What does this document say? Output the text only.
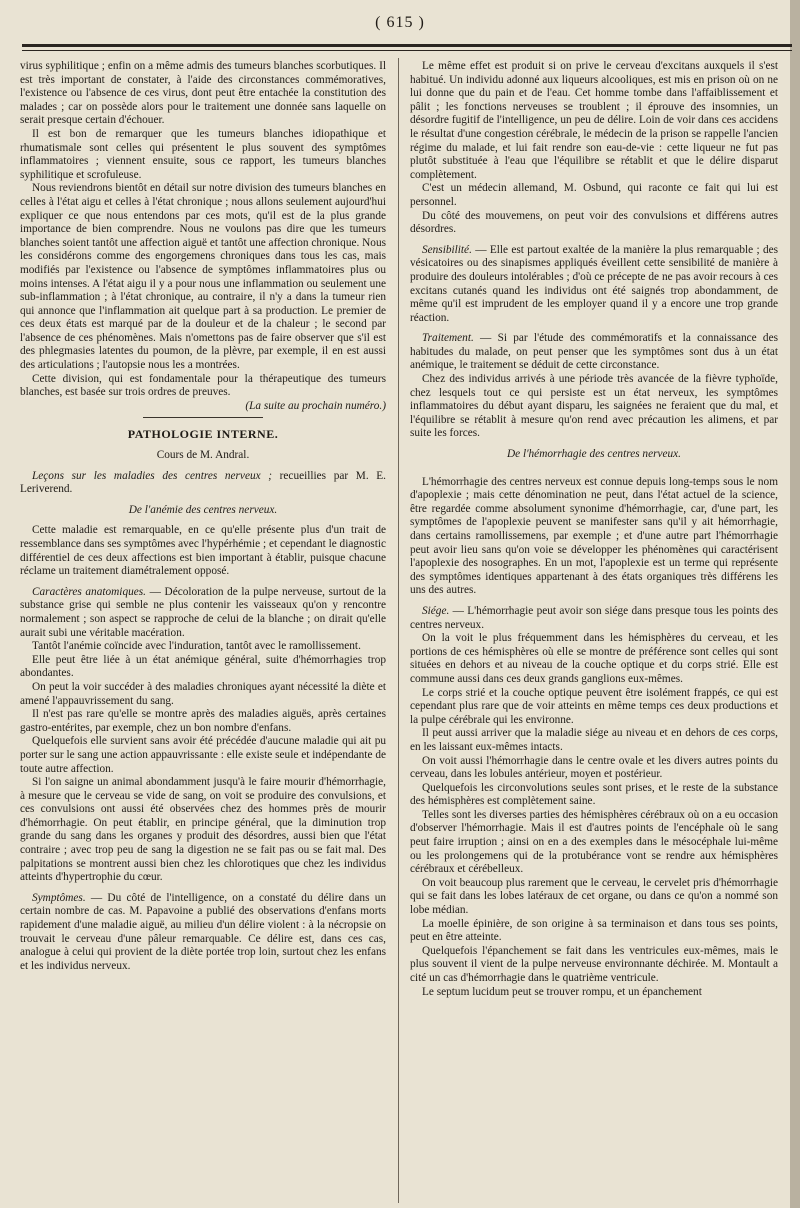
( 615 )

virus syphilitique ; enfin on a même admis des tumeurs blanches scorbutiques. Il est très important de constater, à l'aide des circonstances commémoratives, l'existence ou l'absence de ces virus, dont peut être entachée la constitution des malades ; car on possède alors pour le traitement une donnée sans laquelle on serait presque certain d'échouer.

Il est bon de remarquer que les tumeurs blanches idiopathique et rhumatismale sont celles qui présentent le plus souvent des symptômes inflammatoires ; viennent ensuite, sous ce rapport, les tumeurs blanches syphilitique et scrofuleuse.

Nous reviendrons bientôt en détail sur notre division des tumeurs blanches en celles à l'état aigu et celles à l'état chronique ; nous allons seulement aujourd'hui expliquer ce que nous entendons par ces mots, qu'il est de la plus grande importance de bien comprendre. Nous ne voulons pas dire que les tumeurs blanches soient tantôt une affection aiguë et tantôt une affection chronique. Nous les considérons comme des engorgemens chroniques dans tous les cas, mais modifiés par l'existence ou l'absence de symptômes inflammatoires plus ou moins intenses. A l'état aigu il y a pour nous une inflammation ou seulement une sub-inflammation ; à l'état chronique, au contraire, il n'y a dans la tumeur rien qui annonce que l'inflammation ait quelque part à sa production. Le premier de ces deux états est marqué par de la douleur et de la chaleur ; le second par l'absence de ces phénomènes. Mais n'omettons pas de faire observer que s'il est des phlegmasies latentes du poumon, de la plèvre, par exemple, il en est aussi des articulations ; l'autopsie nous les a montrées.

Cette division, qui est fondamentale pour la thérapeutique des tumeurs blanches, est basée sur trois ordres de preuves.

(La suite au prochain numéro.)

PATHOLOGIE INTERNE.

Cours de M. Andral.

Leçons sur les maladies des centres nerveux ; recueillies par M. E. Leriverend.

De l'anémie des centres nerveux.

Cette maladie est remarquable, en ce qu'elle présente plus d'un trait de ressemblance dans ses symptômes avec l'hypérhémie ; et cependant le diagnostic différentiel de ces deux affections est bien important à établir, puisque chacune réclame un traitement diamétralement opposé.

Caractères anatomiques. — Décoloration de la pulpe nerveuse, surtout de la substance grise qui semble ne plus contenir les vaisseaux qu'on y rencontre normalement ; son aspect se rapproche de celui de la blanche ; on dirait qu'elle aurait subi une véritable macération.

Tantôt l'anémie coïncide avec l'induration, tantôt avec le ramollissement.

Elle peut être liée à un état anémique général, suite d'hémorrhagies trop abondantes.

On peut la voir succéder à des maladies chroniques ayant nécessité la diète et amené l'appauvrissement du sang.

Il n'est pas rare qu'elle se montre après des maladies aiguës, après certaines gastro-entérites, par exemple, chez un bon nombre d'enfans.

Quelquefois elle survient sans avoir été précédée d'aucune maladie qui ait pu porter sur le sang une action appauvrissante : elle existe seule et indépendante de toute autre affection.

Si l'on saigne un animal abondamment jusqu'à le faire mourir d'hémorrhagie, à mesure que le cerveau se vide de sang, on voit se produire des convulsions, et ces convulsions ont aussi été observées chez des hommes près de mourir d'hémorrhagie. On peut établir, en principe général, que la diminution trop grande du sang dans les organes y produit des désordres, aussi bien que l'état contraire ; avec trop peu de sang la digestion ne se fait pas ou se fait mal. Des palpitations se montrent aussi bien chez les chlorotiques que chez les individus atteints d'hypertrophie du cœur.

Symptômes. — Du côté de l'intelligence, on a constaté du délire dans un certain nombre de cas. M. Papavoine a publié des observations d'enfans morts rapidement d'une maladie aiguë, au milieu d'un délire violent : à la nécropsie on trouvait le cerveau d'une pâleur remarquable. Ce délire est, dans ces cas, analogue à celui qui provient de la diète portée trop loin, surtout chez les enfans et les individus nerveux.

Le même effet est produit si on prive le cerveau d'excitans auxquels il s'est habitué. Un individu adonné aux liqueurs alcooliques, est mis en prison où on ne lui donne que du pain et de l'eau. Cet homme tombe dans l'affaiblissement et pâlit ; les fonctions nerveuses se troublent ; il éprouve des insomnies, un désordre fugitif de l'intelligence, un peu de délire. Loin de voir dans ces accidens le résultat d'une congestion cérébrale, le médecin de la prison se rappelle l'ancien régime du malade, et lui fait rendre son eau-de-vie : cette liqueur ne fut pas plutôt substituée à l'eau que l'équilibre se rétablit et que le délire disparut complètement.

C'est un médecin allemand, M. Osbund, qui raconte ce fait qui lui est personnel.

Du côté des mouvemens, on peut voir des convulsions et différens autres désordres.

Sensibilité. — Elle est partout exaltée de la manière la plus remarquable ; des vésicatoires ou des sinapismes appliqués éveillent cette sensibilité de manière à produire des douleurs intolérables ; d'où ce précepte de ne pas avoir recours à ces excitans cutanés quand les individus ont été saignés trop abondamment, de même qu'il est imprudent de les employer quand il y a encore une trop grande réaction.

Traitement. — Si par l'étude des commémoratifs et la connaissance des habitudes du malade, on peut penser que les symptômes sont dus à un état anémique, le traitement se déduit de cette circonstance.

Chez des individus arrivés à une période très avancée de la fièvre typhoïde, chez lesquels tout ce qui persiste est un état nerveux, les symptômes inflammatoires du début ayant disparu, les saignées ne feraient que du mal, et l'équilibre se rétablit à mesure qu'on rend avec précaution les alimens, et par suite les forces.

De l'hémorrhagie des centres nerveux.

L'hémorrhagie des centres nerveux est connue depuis long-temps sous le nom d'apoplexie ; mais cette dénomination ne peut, dans l'état actuel de la science, être regardée comme absolument synonime d'hémorrhagie, car, d'une part, les symptômes de l'apoplexie peuvent se manifester sans qu'il y ait hémorrhagie, dans certains ramollissemens, par exemple ; et d'une autre part l'hémorrhagie peut avoir lieu sans qu'on voie se développer les phénomènes qui caractérisent l'apoplexie des nosographes. En un mot, l'apoplexie est un terme qui représente des symptômes identiques appartenant à des états organiques très différens les uns des autres.

Siége. — L'hémorrhagie peut avoir son siége dans presque tous les points des centres nerveux.

On la voit le plus fréquemment dans les hémisphères du cerveau, et les portions de ces hémisphères où elle se montre de préférence sont celles qui sont situées en dehors et au niveau de la couche optique et du corps strié. Elle est commune aussi dans ces deux grands ganglions eux-mêmes.

Le corps strié et la couche optique peuvent être isolément frappés, ce qui est cependant plus rare que de voir atteints en même temps ces deux productions et la pulpe cérébrale qui les environne.

Il peut aussi arriver que la maladie siége au niveau et en dehors de ces corps, en les laissant eux-mêmes intacts.

On voit aussi l'hémorrhagie dans le centre ovale et les divers autres points du cerveau, dans les lobules antérieur, moyen et postérieur.

Quelquefois les circonvolutions seules sont prises, et le reste de la substance des hémisphères est complètement saine.

Telles sont les diverses parties des hémisphères cérébraux où on a eu occasion d'observer l'hémorrhagie. Mais il est d'autres points de l'encéphale où le sang peut faire irruption ; ainsi on en a des exemples dans le mésocéphale lui-même ou les prolongemens qui de la protubérance vont se rendre aux hémisphères cérébraux et cérébelleux.

On voit beaucoup plus rarement que le cerveau, le cervelet pris d'hémorrhagie qui se fait dans les lobes latéraux de cet organe, ou dans ce qu'on a nommé son lobe médian.

La moelle épinière, de son origine à sa terminaison et dans tous ses points, peut en être atteinte.

Quelquefois l'épanchement se fait dans les ventricules eux-mêmes, mais le plus souvent il vient de la pulpe nerveuse environnante déchirée. M. Montault a cité un cas d'hémorrhagie dans le quatrième ventricule.

Le septum lucidum peut se trouver rompu, et un épanchement
